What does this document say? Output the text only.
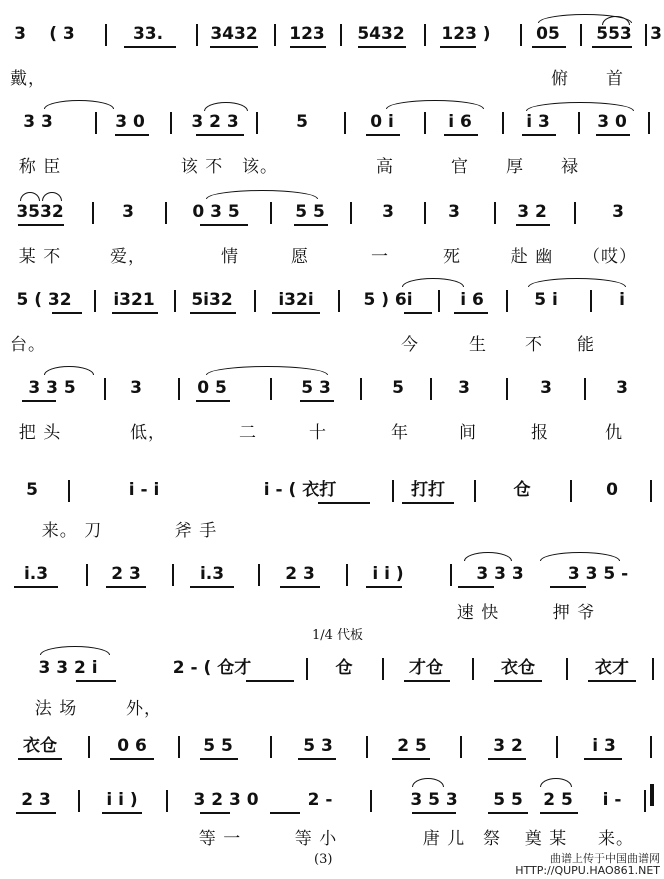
3 ( 3	33.	3432 123 5432 123 )	05 553 3
戴，	俯 首
3 3	3 0	3 2 3	5	0 i	i 6	i 3	3 0
称 臣	该 不 该。	高	官 厚 禄
3532	3	0 3 5	5 5	3	3	3 2	3
某 不	爱，	情	愿	一	死	赴 幽 （哎）
5 ( 32 i321 5i32	i32i	5 ) 6i	i 6	5 i	i
台。	今	生 不 能
3 3 5	3	0 5	5 3	5	3	3	3
把 头	低，	二	十	年	间	报	仇
5	i - i	i - ( 衣打	打打	仓	0
来。 刀	斧 手
i.3	2 3	i.3	2 3	i i )	3 3 3	3 3 5 -
速 快	押 爷
1/4 代板
3 3 2 i	2 - ( 仓才	仓	才仓	衣仓	衣才
法 场	外，
衣仓	0 6	5 5	5 3	2 5	3 2	i 3
2 3	i i )	3 2 3 0	2 -	3 5 3 5 5 2 5 i -
等 一	等 小	唐 儿 祭 奠 某 来。
(3)	曲谱上传于中国曲谱网
HTTP://QUPU.HAO861.NET
